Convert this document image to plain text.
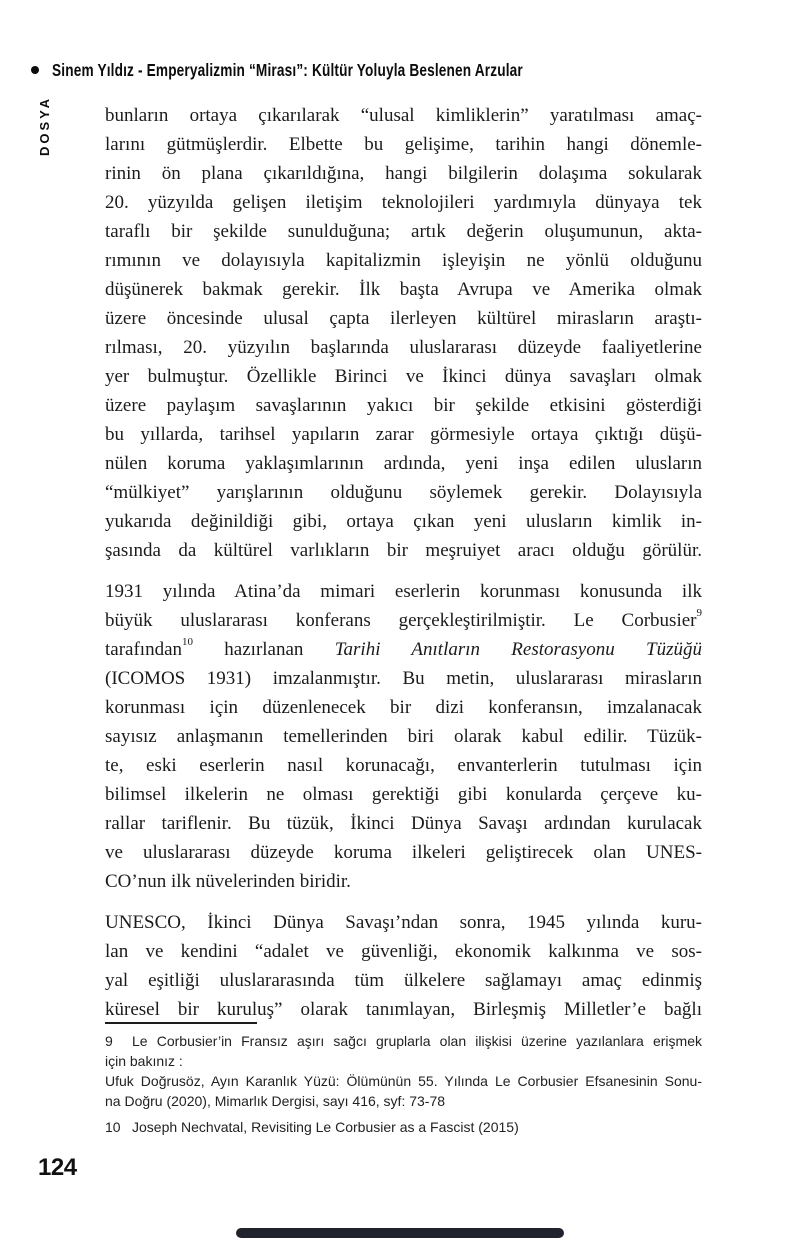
Sinem Yıldız - Emperyalizmin “Mirası”: Kültür Yoluyla Beslenen Arzular
DOSYA	bunların ortaya çıkarılarak “ulusal kimliklerin” yaratılması amaç-
larını gütmüşlerdir. Elbette bu gelişime, tarihin hangi dönemle-
rinin ön plana çıkarıldığına, hangi bilgilerin dolaşıma sokularak
20. yüzyılda gelişen iletişim teknolojileri yardımıyla dünyaya tek
taraflı bir şekilde sunulduğuna; artık değerin oluşumunun, akta-
rımının ve dolayısıyla kapitalizmin işleyişin ne yönlü olduğunu
düşünerek bakmak gerekir. İlk başta Avrupa ve Amerika olmak
üzere öncesinde ulusal çapta ilerleyen kültürel mirasların araştı-
rılması, 20. yüzyılın başlarında uluslararası düzeyde faaliyetlerine
yer bulmuştur. Özellikle Birinci ve İkinci dünya savaşları olmak
üzere paylaşım savaşlarının yakıcı bir şekilde etkisini gösterdiği
bu yıllarda, tarihsel yapıların zarar görmesiyle ortaya çıktığı düşü-
nülen koruma yaklaşımlarının ardında, yeni inşa edilen ulusların
“mülkiyet” yarışlarının olduğunu söylemek gerekir. Dolayısıyla
yukarıda değinildiği gibi, ortaya çıkan yeni ulusların kimlik in-
şasında da kültürel varlıkların bir meşruiyet aracı olduğu görülür.
1931 yılında Atina’da mimari eserlerin korunması konusunda ilk
büyük uluslararası konferans gerçekleştirilmiştir. Le Corbusier$^9$
tarafından$^{10}$ hazırlanan Tarihi Anıtların Restorasyonu Tüzüğü
(ICOMOS 1931) imzalanmıştır. Bu metin, uluslararası mirasların
korunması için düzenlenecek bir dizi konferansın, imzalanacak
sayısız anlaşmanın temellerinden biri olarak kabul edilir. Tüzük-
te, eski eserlerin nasıl korunacağı, envanterlerin tutulması için
bilimsel ilkelerin ne olması gerektiği gibi konularda çerçeve ku-
rallar tariflenir. Bu tüzük, İkinci Dünya Savaşı ardından kurulacak
ve uluslararası düzeyde koruma ilkeleri geliştirecek olan UNES-
CO’nun ilk nüvelerinden biridir.
UNESCO, İkinci Dünya Savaşı’ndan sonra, 1945 yılında kuru-
lan ve kendini “adalet ve güvenliği, ekonomik kalkınma ve sos-
yal eşitliği uluslararasında tüm ülkelere sağlamayı amaç edinmiş
küresel bir kuruluş” olarak tanımlayan, Birleşmiş Milletler’e bağlı
9 Le Corbusier’in Fransız aşırı sağcı gruplarla olan ilişkisi üzerine yazılanlara erişmek
için bakınız :
Ufuk Doğrusöz, Ayın Karanlık Yüzü: Ölümünün 55. Yılında Le Corbusier Efsanesinin Sonu-
na Doğru (2020), Mimarlık Dergisi, sayı 416, syf: 73-78
10 Joseph Nechvatal, Revisiting Le Corbusier as a Fascist (2015)
124
